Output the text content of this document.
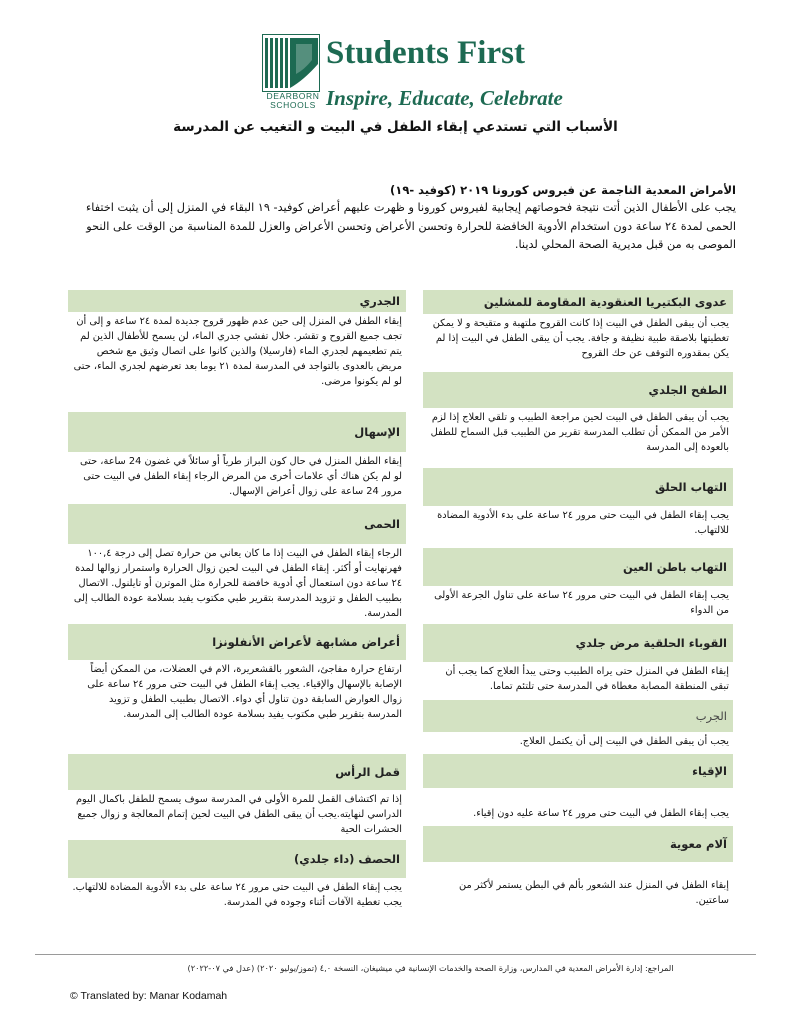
DEARBORN
SCHOOLS
Students First
Inspire, Educate, Celebrate
الأسباب التي تستدعي إبقاء الطفل في البيت و التغيب عن المدرسة
الأمراض المعدية الناجمة عن فيروس كورونا ٢٠١٩ (كوفيد -١٩)
يجب على الأطفال الذين أتت نتيجة فحوصاتهم إيجابية لفيروس كورونا و ظهرت عليهم أعراض كوفيد- ١٩ البقاء في المنزل إلى أن يثبت اختفاء الحمى لمدة ٢٤ ساعة دون استخدام الأدوية الخافضة للحرارة وتحسن الأعراض وتحسن الأعراض والعزل للمدة المناسبة من الوقت على النحو الموصى به من قبل مديرية الصحة المحلي لدينا.
عدوى البكتيريا العنقودية المقاومة للمشلين
يجب أن يبقى الطفل في البيت إذا كانت القروح ملتهبة و متقيحة و لا يمكن تغطيتها بلاصقة طبية نظيفة و جافة. يجب أن يبقى الطفل في البيت إذا لم يكن بمقدوره التوقف عن حك القروح
الطفح الجلدي
يجب أن يبقى الطفل في البيت لحين مراجعة الطبيب و تلقي العلاج إذا لزم الأمر من الممكن أن تطلب المدرسة تقرير من الطبيب قبل السماح للطفل بالعودة إلى المدرسة
التهاب الحلق
يجب إبقاء الطفل في البيت حتى مرور ٢٤ ساعة على بدء الأدوية المضادة للالتهاب.
التهاب باطن العين
يجب إبقاء الطفل في البيت حتى مرور ٢٤ ساعة على تناول الجرعة الأولى من الدواء
القوباء الحلقية مرض جلدي
إبقاء الطفل في المنزل حتى يراه الطبيب وحتى يبدأ العلاج كما يجب أن تبقى المنطقة المصابة مغطاة في المدرسة حتى تلتئم تماما.
الجرب
يجب أن يبقى الطفل في البيت إلى أن يكتمل العلاج.
الإقياء
يجب إبقاء الطفل في البيت حتى مرور ٢٤ ساعة عليه دون إقياء.
آلام معوية
إبقاء الطفل في المنزل عند الشعور بألم في البطن يستمر لأكثر من ساعتين.
الجدري
إبقاء الطفل في المنزل إلى حين عدم ظهور قروح جديدة لمدة ٢٤ ساعة و إلى أن تجف جميع القروح و تقشر. خلال تفشي جدري الماء، لن يسمح للأطفال الذين لم يتم تطعيمهم لجدري الماء (فارسيلا) والذين كانوا على اتصال وثيق مع شخص مريض بالعدوى بالتواجد في المدرسة لمدة ٢١ يوما بعد تعرضهم لجدري الماء، حتى لو لم يكونوا مرضى.
الإسهال
إبقاء الطفل المنزل في حال كون البراز طرياً أو سائلاً في غضون 24 ساعة، حتى لو لم يكن هناك أي علامات أخرى من المرض الرجاء إبقاء الطفل في البيت حتى مرور 24 ساعة على زوال أعراض الإسهال.
الحمى
الرجاء إبقاء الطفل في البيت إذا ما كان يعاني من حرارة تصل إلى درجة ١٠٠,٤ فهرنهايت أو أكثر. إبقاء الطفل في البيت لحين زوال الحرارة واستمرار زوالها لمدة ٢٤ ساعة دون استعمال أي أدوية خافضة للحرارة مثل الموترن أو تايلنول. الاتصال بطبيب الطفل و تزويد المدرسة بتقرير طبي مكتوب يفيد بسلامة عودة الطالب إلى المدرسة.
أعراض مشابهة لأعراض الأنفلونزا
ارتفاع حرارة مفاجئ، الشعور بالقشعريرة، الام في العضلات، من الممكن أيضاً الإصابة بالإسهال والإقياء. يجب إبقاء الطفل في البيت حتى مرور ٢٤ ساعة على زوال العوارض السابقة دون تناول أي دواء. الاتصال بطبيب الطفل و تزويد المدرسة بتقرير طبي مكتوب يفيد بسلامة عودة الطالب إلى المدرسة.
قمل الرأس
إذا تم اكتشاف القمل للمرة الأولى في المدرسة سوف يسمح للطفل باكمال اليوم الدراسي لنهايته.يجب أن يبقى الطفل في البيت لحين إتمام المعالجة و زوال جميع الحشرات الحية
الحصف (داء جلدي)
يجب إبقاء الطفل في البيت حتى مرور ٢٤ ساعة على بدء الأدوية المضادة للالتهاب. يجب تغطية الآفات أثناء وجوده في المدرسة.
المراجع: إدارة الأمراض المعدية في المدارس، وزارة الصحة والخدمات الإنسانية في ميشيغان، النسخة ٤,٠ (تموز/يوليو ٢٠٢٠) (عدل في ٠٧-٢٠٢٢)
© Translated by: Manar Kodamah
